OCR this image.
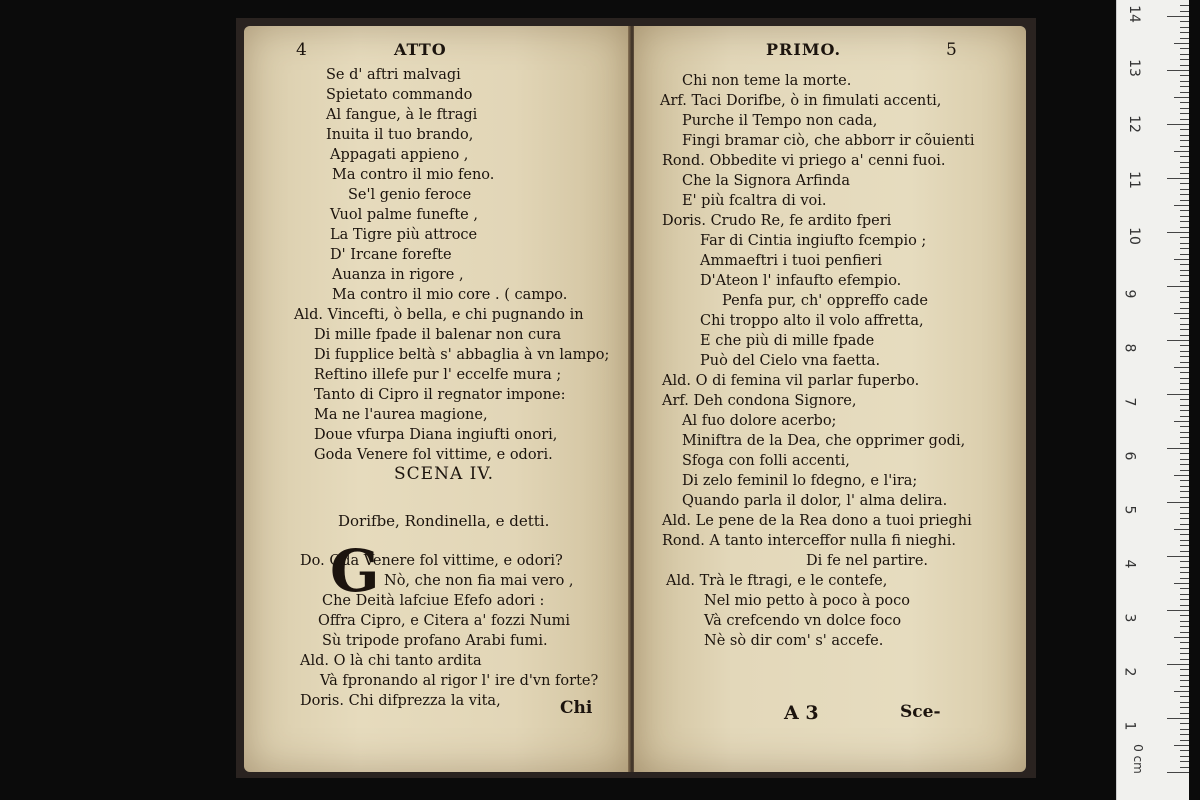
4	ATTO
Se d' aftri malvagi
Spietato commando
Al fangue, à le ftragi
Inuita il tuo brando,
Appagati appieno ,
Ma contro il mio feno.
Se'l genio feroce
Vuol palme funefte ,
La Tigre più attroce
D' Ircane forefte
Auanza in rigore ,
Ma contro il mio core . ( campo.
Ald. Vincefti, ò bella, e chi pugnando in
Di mille fpade il balenar non cura
Di fupplice beltà s' abbaglia à vn lampo;
Reftino illefe pur l' eccelfe mura ;
Tanto di Cipro il regnator impone:
Ma ne l'aurea magione,
Doue vfurpa Diana ingiufti onori,
Goda Venere fol vittime, e odori.
SCENA IV.
Dorifbe, Rondinella, e detti.
G
Do. Oda Venere fol vittime, e odori?
Nò, che non fia mai vero ,
Che Deità lafciue Efefo adori :
Offra Cipro, e Citera a' fozzi Numi
Sù tripode profano Arabi fumi.
Ald. O là chi tanto ardita
Và fpronando al rigor l' ire d'vn forte?
Doris. Chi difprezza la vita,	Chi
PRIMO.	5
Chi non teme la morte.
Arf. Taci Dorifbe, ò in fimulati accenti,
Purche il Tempo non cada,
Fingi bramar ciò, che abborr ir cõuienti
Rond. Obbedite vi priego a' cenni fuoi.
Che la Signora Arfinda
E' più fcaltra di voi.
Doris. Crudo Re, fe ardito fperi
Far di Cintia ingiufto fcempio ;
Ammaeftri i tuoi penfieri
D'Ateon l' infaufto efempio.
Penfa pur, ch' oppreffo cade
Chi troppo alto il volo affretta,
E che più di mille fpade
Può del Cielo vna faetta.
Ald. O di femina vil parlar fuperbo.
Arf. Deh condona Signore,
Al fuo dolore acerbo;
Miniftra de la Dea, che opprimer godi,
Sfoga con folli accenti,
Di zelo feminil lo fdegno, e l'ira;
Quando parla il dolor, l' alma delira.
Ald. Le pene de la Rea dono a tuoi prieghi
Rond. A tanto interceffor nulla fi nieghi.
Di fe nel partire.
Ald. Trà le ftragi, e le contefe,
Nel mio petto à poco à poco
Và crefcendo vn dolce foco
Nè sò dir com' s' accefe.
A 3	Sce-
0 cm
1
2
3
4
5
6
7
8
9
10
11
12
13
14
